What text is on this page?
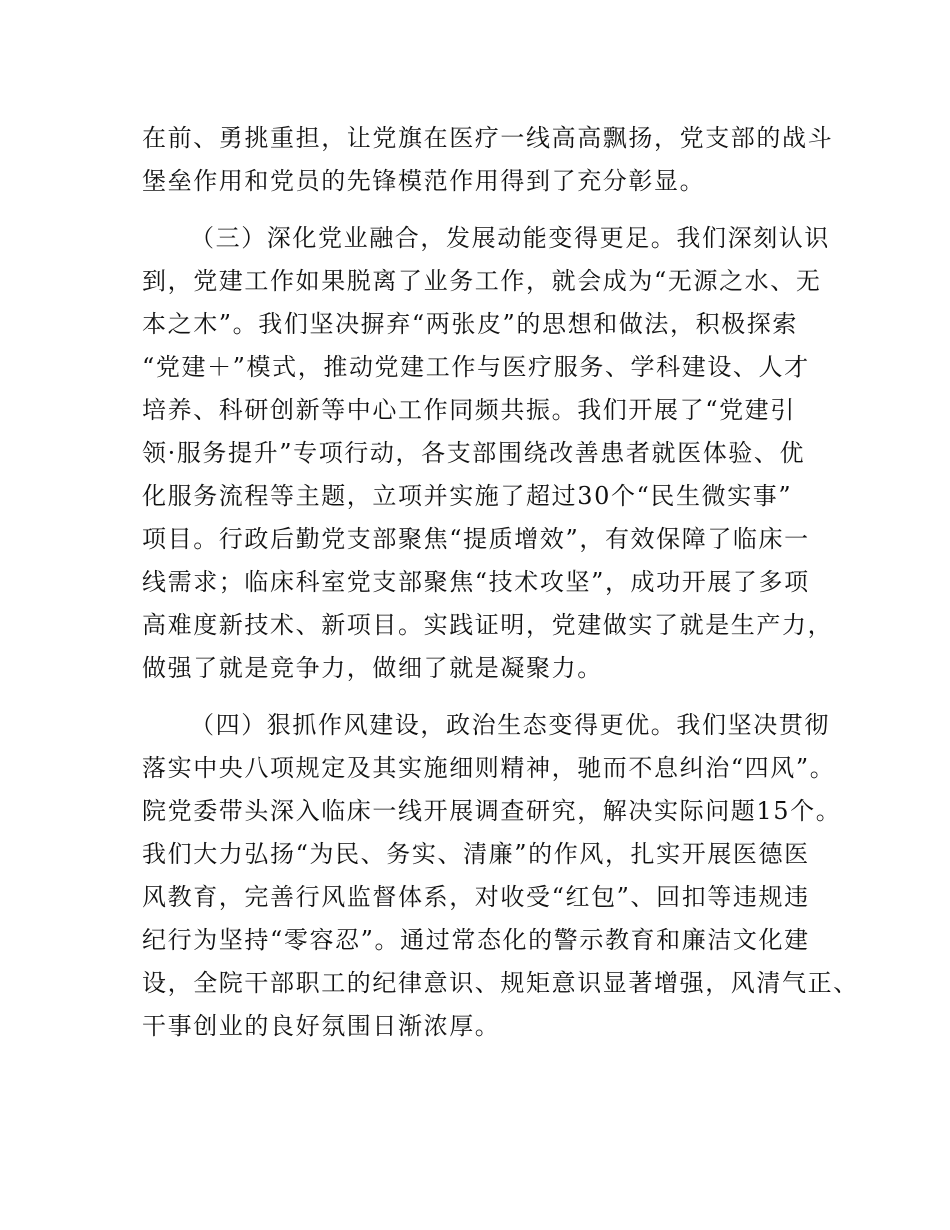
在前、勇挑重担，让党旗在医疗一线高高飘扬，党支部的战斗
堡垒作用和党员的先锋模范作用得到了充分彰显。
（三）深化党业融合，发展动能变得更足。我们深刻认识
到，党建工作如果脱离了业务工作，就会成为“无源之水、无
本之木”。我们坚决摒弃“两张皮”的思想和做法，积极探索
“党建＋”模式，推动党建工作与医疗服务、学科建设、人才
培养、科研创新等中心工作同频共振。我们开展了“党建引
领·服务提升”专项行动，各支部围绕改善患者就医体验、优
化服务流程等主题，立项并实施了超过30个“民生微实事”
项目。行政后勤党支部聚焦“提质增效”，有效保障了临床一
线需求；临床科室党支部聚焦“技术攻坚”，成功开展了多项
高难度新技术、新项目。实践证明，党建做实了就是生产力，
做强了就是竞争力，做细了就是凝聚力。
（四）狠抓作风建设，政治生态变得更优。我们坚决贯彻
落实中央八项规定及其实施细则精神，驰而不息纠治“四风”。
院党委带头深入临床一线开展调查研究，解决实际问题15个。
我们大力弘扬“为民、务实、清廉”的作风，扎实开展医德医
风教育，完善行风监督体系，对收受“红包”、回扣等违规违
纪行为坚持“零容忍”。通过常态化的警示教育和廉洁文化建
设，全院干部职工的纪律意识、规矩意识显著增强，风清气正、
干事创业的良好氛围日渐浓厚。
